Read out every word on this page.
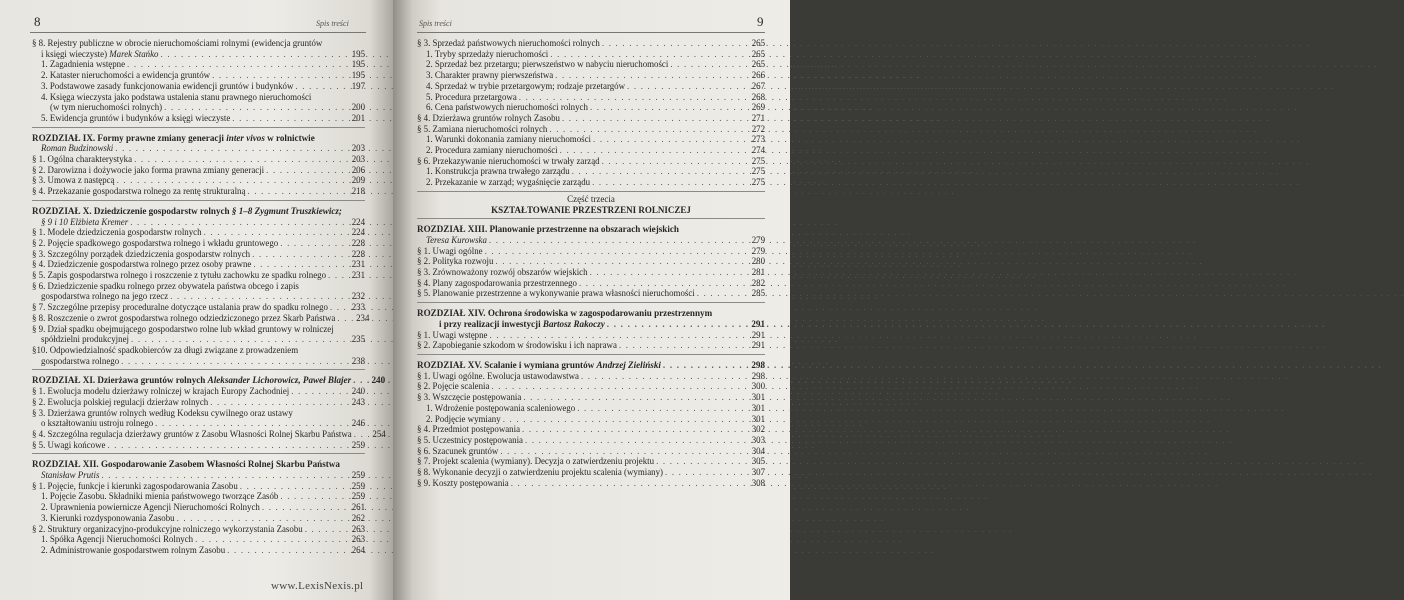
8	Spis treści
§ 8. Rejestry publiczne w obrocie nieruchomościami rolnymi (ewidencja gruntów
i księgi wieczyste) Marek Stańko . . .	195
1. Zagadnienia wstępne . . .	195
2. Kataster nieruchomości a ewidencja gruntów . . .	195
3. Podstawowe zasady funkcjonowania ewidencji gruntów i budynków . . .	197
4. Księga wieczysta jako podstawa ustalenia stanu prawnego nieruchomości
(w tym nieruchomości rolnych) . . .	200
5. Ewidencja gruntów i budynków a księgi wieczyste . . .	201
ROZDZIAŁ IX. Formy prawne zmiany generacji inter vivos w rolnictwie
Roman Budzinowski . . .	203
§ 1. Ogólna charakterystyka . . .	203
§ 2. Darowizna i dożywocie jako forma prawna zmiany generacji . . .	206
§ 3. Umowa z następcą . . .	209
§ 4. Przekazanie gospodarstwa rolnego za rentę strukturalną . . .	218
ROZDZIAŁ X. Dziedziczenie gospodarstw rolnych § 1–8 Zygmunt Truszkiewicz;
§ 9 i 10 Elżbieta Kremer . . .	224
§ 1. Modele dziedziczenia gospodarstw rolnych . . .	224
§ 2. Pojęcie spadkowego gospodarstwa rolnego i wkładu gruntowego . . .	228
§ 3. Szczególny porządek dziedziczenia gospodarstw rolnych . . .	228
§ 4. Dziedziczenie gospodarstwa rolnego przez osoby prawne . . .	231
§ 5. Zapis gospodarstwa rolnego i roszczenie z tytułu zachowku ze spadku rolnego . . .	231
§ 6. Dziedziczenie spadku rolnego przez obywatela państwa obcego i zapis
gospodarstwa rolnego na jego rzecz . . .	232
§ 7. Szczególne przepisy proceduralne dotyczące ustalania praw do spadku rolnego . . .	233
§ 8. Roszczenie o zwrot gospodarstwa rolnego odziedziczonego przez Skarb Państwa . . .	234
§ 9. Dział spadku obejmującego gospodarstwo rolne lub wkład gruntowy w rolniczej
spółdzielni produkcyjnej . . .	235
§10. Odpowiedzialność spadkobierców za długi związane z prowadzeniem
gospodarstwa rolnego . . .	238
ROZDZIAŁ XI. Dzierżawa gruntów rolnych Aleksander Lichorowicz, Paweł Blajer . . .	240
§ 1. Ewolucja modelu dzierżawy rolniczej w krajach Europy Zachodniej . . .	240
§ 2. Ewolucja polskiej regulacji dzierżaw rolnych . . .	243
§ 3. Dzierżawa gruntów rolnych według Kodeksu cywilnego oraz ustawy
o kształtowaniu ustroju rolnego . . .	246
§ 4. Szczególna regulacja dzierżawy gruntów z Zasobu Własności Rolnej Skarbu Państwa . . .	254
§ 5. Uwagi końcowe . . .	259
ROZDZIAŁ XII. Gospodarowanie Zasobem Własności Rolnej Skarbu Państwa
Stanisław Prutis . . .	259
§ 1. Pojęcie, funkcje i kierunki zagospodarowania Zasobu . . .	259
1. Pojęcie Zasobu. Składniki mienia państwowego tworzące Zasób . . .	259
2. Uprawnienia powiernicze Agencji Nieruchomości Rolnych . . .	261
3. Kierunki rozdysponowania Zasobu . . .	262
§ 2. Struktury organizacyjno-produkcyjne rolniczego wykorzystania Zasobu . . .	263
1. Spółka Agencji Nieruchomości Rolnych . . .	263
2. Administrowanie gospodarstwem rolnym Zasobu . . .	264
www.LexisNexis.pl
Spis treści	9
§ 3. Sprzedaż państwowych nieruchomości rolnych . . .	265
1. Tryby sprzedaży nieruchomości . . .	265
2. Sprzedaż bez przetargu; pierwszeństwo w nabyciu nieruchomości . . .	265
3. Charakter prawny pierwszeństwa . . .	266
4. Sprzedaż w trybie przetargowym; rodzaje przetargów . . .	267
5. Procedura przetargowa . . .	268
6. Cena państwowych nieruchomości rolnych . . .	269
§ 4. Dzierżawa gruntów rolnych Zasobu . . .	271
§ 5. Zamiana nieruchomości rolnych . . .	272
1. Warunki dokonania zamiany nieruchomości . . .	273
2. Procedura zamiany nieruchomości . . .	274
§ 6. Przekazywanie nieruchomości w trwały zarząd . . .	275
1. Konstrukcja prawna trwałego zarządu . . .	275
2. Przekazanie w zarząd; wygaśnięcie zarządu . . .	275
Część trzecia
KSZTAŁTOWANIE PRZESTRZENI ROLNICZEJ
ROZDZIAŁ XIII. Planowanie przestrzenne na obszarach wiejskich
Teresa Kurowska . . .	279
§ 1. Uwagi ogólne . . .	279
§ 2. Polityka rozwoju . . .	280
§ 3. Zrównoważony rozwój obszarów wiejskich . . .	281
§ 4. Plany zagospodarowania przestrzennego . . .	282
§ 5. Planowanie przestrzenne a wykonywanie prawa własności nieruchomości . . .	285
ROZDZIAŁ XIV. Ochrona środowiska w zagospodarowaniu przestrzennym
i przy realizacji inwestycji Bartosz Rakoczy . . .	291
§ 1. Uwagi wstępne . . .	291
§ 2. Zapobieganie szkodom w środowisku i ich naprawa . . .	291
ROZDZIAŁ XV. Scalanie i wymiana gruntów Andrzej Zieliński . . .	298
§ 1. Uwagi ogólne. Ewolucja ustawodawstwa . . .	298
§ 2. Pojęcie scalenia . . .	300
§ 3. Wszczęcie postępowania . . .	301
1. Wdrożenie postępowania scaleniowego . . .	301
2. Podjęcie wymiany . . .	301
§ 4. Przedmiot postępowania . . .	302
§ 5. Uczestnicy postępowania . . .	303
§ 6. Szacunek gruntów . . .	304
§ 7. Projekt scalenia (wymiany). Decyzja o zatwierdzeniu projektu . . .	305
§ 8. Wykonanie decyzji o zatwierdzeniu projektu scalenia (wymiany) . . .	307
§ 9. Koszty postępowania . . .	308
